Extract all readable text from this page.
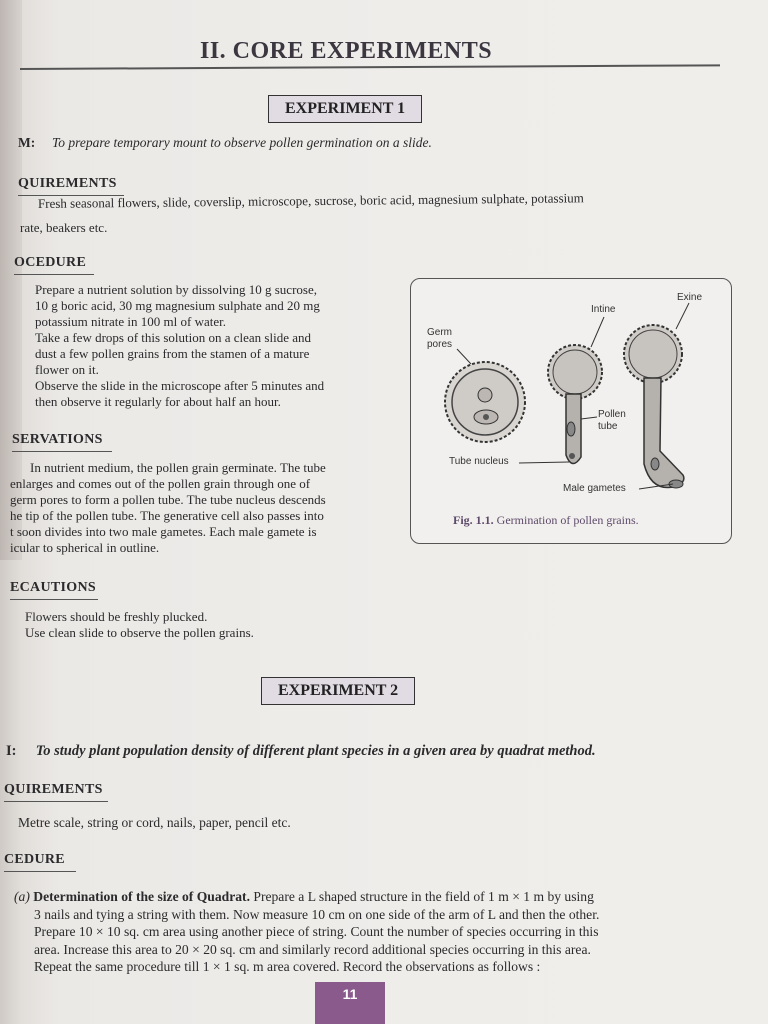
II. CORE EXPERIMENTS
EXPERIMENT 1
M: To prepare temporary mount to observe pollen germination on a slide.
QUIREMENTS
Fresh seasonal flowers, slide, coverslip, microscope, sucrose, boric acid, magnesium sulphate, potassium
rate, beakers etc.
OCEDURE
Prepare a nutrient solution by dissolving 10 g sucrose,
10 g boric acid, 30 mg magnesium sulphate and 20 mg
potassium nitrate in 100 ml of water.
Take a few drops of this solution on a clean slide and
dust a few pollen grains from the stamen of a mature
flower on it.
Observe the slide in the microscope after 5 minutes and
then observe it regularly for about half an hour.
SERVATIONS
In nutrient medium, the pollen grain germinate. The tube
enlarges and comes out of the pollen grain through one of
germ pores to form a pollen tube. The tube nucleus descends
he tip of the pollen tube. The generative cell also passes into
t soon divides into two male gametes. Each male gamete is
icular to spherical in outline.
ECAUTIONS
Flowers should be freshly plucked.
Use clean slide to observe the pollen grains.
Germ
pores
Intine
Exine
Pollen
tube
Tube nucleus
Male gametes
Fig. 1.1. Germination of pollen grains.
EXPERIMENT 2
I: To study plant population density of different plant species in a given area by quadrat method.
QUIREMENTS
Metre scale, string or cord, nails, paper, pencil etc.
CEDURE
(a) Determination of the size of Quadrat. Prepare a L shaped structure in the field of 1 m × 1 m by using
3 nails and tying a string with them. Now measure 10 cm on one side of the arm of L and then the other.
Prepare 10 × 10 sq. cm area using another piece of string. Count the number of species occurring in this
area. Increase this area to 20 × 20 sq. cm and similarly record additional species occurring in this area.
Repeat the same procedure till 1 × 1 sq. m area covered. Record the observations as follows :
11
